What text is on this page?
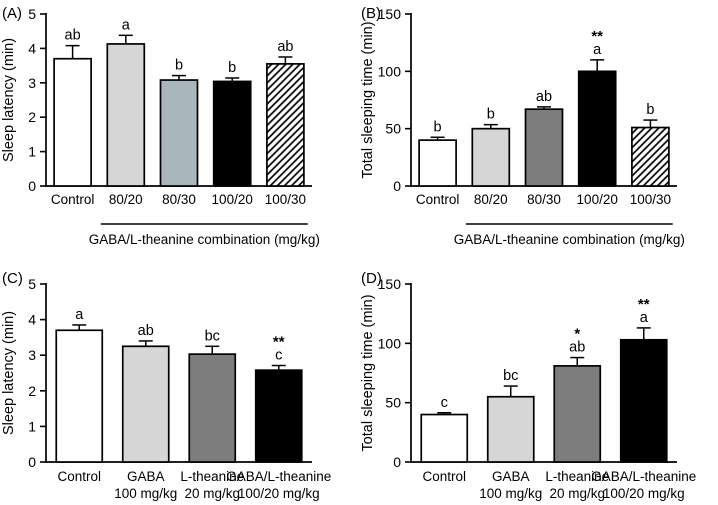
(A)
0
1
2
3
4
5
Sleep latency (min)
ab
Control
a
80/20
b
80/30
b
100/20
ab
100/30
GABA/L-theanine combination (mg/kg)
(B)
0
50
100
150
Total sleeping time (min)	b
Control
b
80/20
ab
80/30
a
**
100/20
b
100/30
GABA/L-theanine combination (mg/kg)
(C)
0
1
2
3
4
5
Sleep latency (min)	a
Control
ab
GABA
100 mg/kg
bc
L-theanine
20 mg/kg
c
**
GABA/L-theanine
100/20 mg/kg
(D)
0
50
100
150
Total sleeping time (min)	c
Control
bc
GABA
100 mg/kg
ab
*
L-theanine
20 mg/kg
a
**
GABA/L-theanine
100/20 mg/kg
